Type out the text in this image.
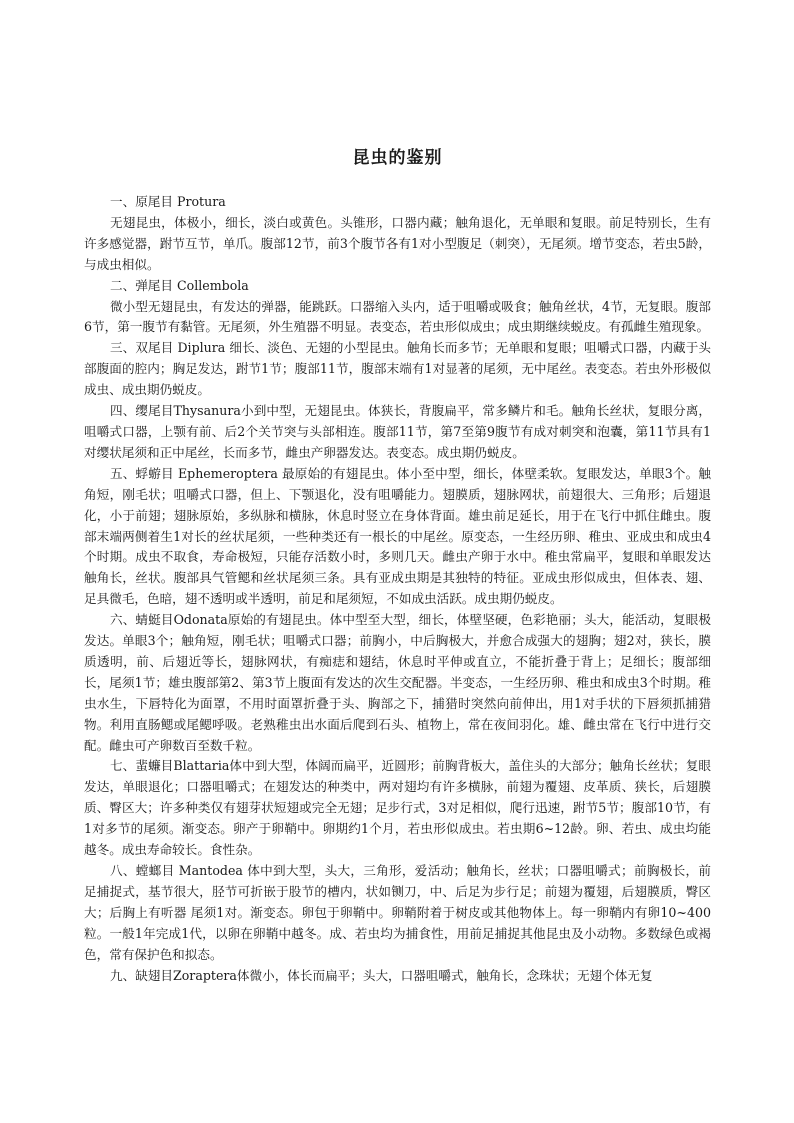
昆虫的鉴别

一、原尾目 Protura

无翅昆虫，体极小，细长，淡白或黄色。头锥形，口器内藏；触角退化，无单眼和复眼。前足特别长，生有许多感觉器，跗节互节，单爪。腹部12节，前3个腹节各有1对小型腹足（刺突），无尾须。增节变态，若虫5龄，与成虫相似。

二、弹尾目 Collembola

微小型无翅昆虫，有发达的弹器，能跳跃。口器缩入头内，适于咀嚼或吸食；触角丝状，4节，无复眼。腹部6节，第一腹节有黏管。无尾须，外生殖器不明显。表变态，若虫形似成虫；成虫期继续蜕皮。有孤雌生殖现象。

三、双尾目 Diplura 细长、淡色、无翅的小型昆虫。触角长而多节；无单眼和复眼；咀嚼式口器，内藏于头部腹面的腔内；胸足发达，跗节1节；腹部11节，腹部末端有1对显著的尾须，无中尾丝。表变态。若虫外形极似成虫、成虫期仍蜕皮。

四、缨尾目Thysanura小到中型，无翅昆虫。体狭长，背腹扁平，常多鳞片和毛。触角长丝状，复眼分离，咀嚼式口器，上颚有前、后2个关节突与头部相连。腹部11节，第7至第9腹节有成对刺突和泡囊，第11节具有1对缨状尾须和正中尾丝，长而多节，雌虫产卵器发达。表变态。成虫期仍蜕皮。

五、蜉蝣目 Ephemeroptera 最原始的有翅昆虫。体小至中型，细长，体壁柔软。复眼发达，单眼3个。触角短，刚毛状；咀嚼式口器，但上、下颚退化，没有咀嚼能力。翅膜质，翅脉网状，前翅很大、三角形；后翅退化，小于前翅；翅脉原始，多纵脉和横脉，休息时竖立在身体背面。雄虫前足延长，用于在飞行中抓住雌虫。腹部末端两侧着生1对长的丝状尾须，一些种类还有一根长的中尾丝。原变态，一生经历卵、稚虫、亚成虫和成虫4个时期。成虫不取食，寿命极短，只能存活数小时，多则几天。雌虫产卵于水中。稚虫常扁平，复眼和单眼发达 触角长，丝状。腹部具气管鳃和丝状尾须三条。具有亚成虫期是其独特的特征。亚成虫形似成虫，但体表、翅、足具微毛，色暗，翅不透明或半透明，前足和尾须短，不如成虫活跃。成虫期仍蜕皮。

六、蜻蜓目Odonata原始的有翅昆虫。体中型至大型，细长，体壁坚硬，色彩艳丽；头大，能活动，复眼极发达。单眼3个；触角短，刚毛状；咀嚼式口器；前胸小，中后胸极大，并愈合成强大的翅胸；翅2对，狭长，膜质透明，前、后翅近等长，翅脉网状，有痴痣和翅结，休息时平伸或直立，不能折叠于背上；足细长；腹部细长，尾须1节；雄虫腹部第2、第3节上腹面有发达的次生交配器。半变态，一生经历卵、稚虫和成虫3个时期。稚虫水生，下唇特化为面罩，不用时面罩折叠于头、胸部之下，捕猎时突然向前伸出，用1对手状的下唇须抓捕猎物。利用直肠鳃或尾鳃呼吸。老熟稚虫出水面后爬到石头、植物上，常在夜间羽化。雄、雌虫常在飞行中进行交配。雌虫可产卵数百至数千粒。

七、蜚蠊目Blattaria体中到大型，体阔而扁平，近圆形；前胸背板大，盖住头的大部分；触角长丝状；复眼发达，单眼退化；口器咀嚼式；在翅发达的种类中，两对翅均有许多横脉，前翅为覆翅、皮革质、狭长，后翅膜质、臀区大；许多种类仅有翅芽状短翅或完全无翅；足步行式，3对足相似，爬行迅速，跗节5节；腹部10节，有1对多节的尾须。渐变态。卵产于卵鞘中。卵期约1个月，若虫形似成虫。若虫期6~12龄。卵、若虫、成虫均能越冬。成虫寿命较长。食性杂。

八、螳螂目 Mantodea 体中到大型，头大，三角形，爱活动；触角长，丝状；口器咀嚼式；前胸极长，前足捕捉式，基节很大，胫节可折嵌于股节的槽内，状如铡刀，中、后足为步行足；前翅为覆翅，后翅膜质，臀区大；后胸上有听器 尾须1对。渐变态。卵包于卵鞘中。卵鞘附着于树皮或其他物体上。每一卵鞘内有卵10~400粒。一般1年完成1代，以卵在卵鞘中越冬。成、若虫均为捕食性，用前足捕捉其他昆虫及小动物。多数绿色或褐色，常有保护色和拟态。

九、缺翅目Zoraptera体微小，体长而扁平；头大，口器咀嚼式，触角长，念珠状；无翅个体无复
